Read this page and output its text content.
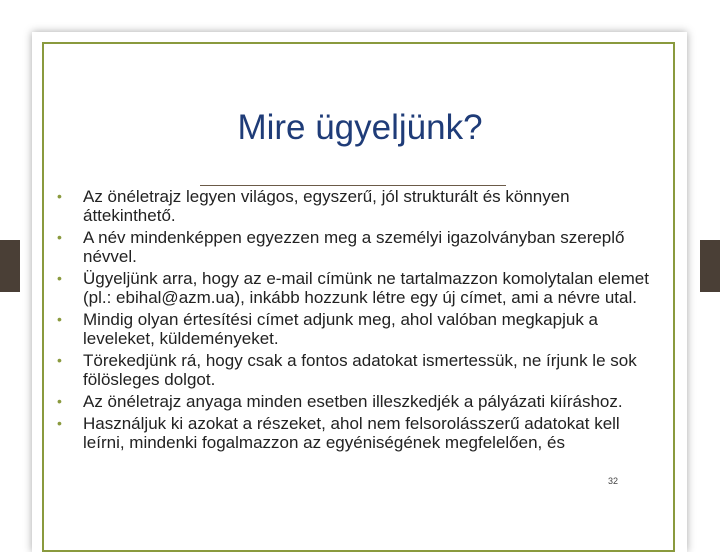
Mire ügyeljünk?
• Az önéletrajz legyen világos, egyszerű, jól strukturált és könnyen áttekinthető.
• A név mindenképpen egyezzen meg a személyi igazolványban szereplő névvel.
• Ügyeljünk arra, hogy az e-mail címünk ne tartalmazzon komolytalan elemet (pl.: ebihal@azm.ua), inkább hozzunk létre egy új címet, ami a névre utal.
• Mindig olyan értesítési címet adjunk meg, ahol valóban megkapjuk a leveleket, küldeményeket.
• Törekedjünk rá, hogy csak a fontos adatokat ismertessük, ne írjunk le sok fölösleges dolgot.
• Az önéletrajz anyaga minden esetben illeszkedjék a pályázati kiíráshoz.
• Használjuk ki azokat a részeket, ahol nem felsorolásszerű adatokat kell leírni, mindenki fogalmazzon az egyéniségének megfelelően, és
32
